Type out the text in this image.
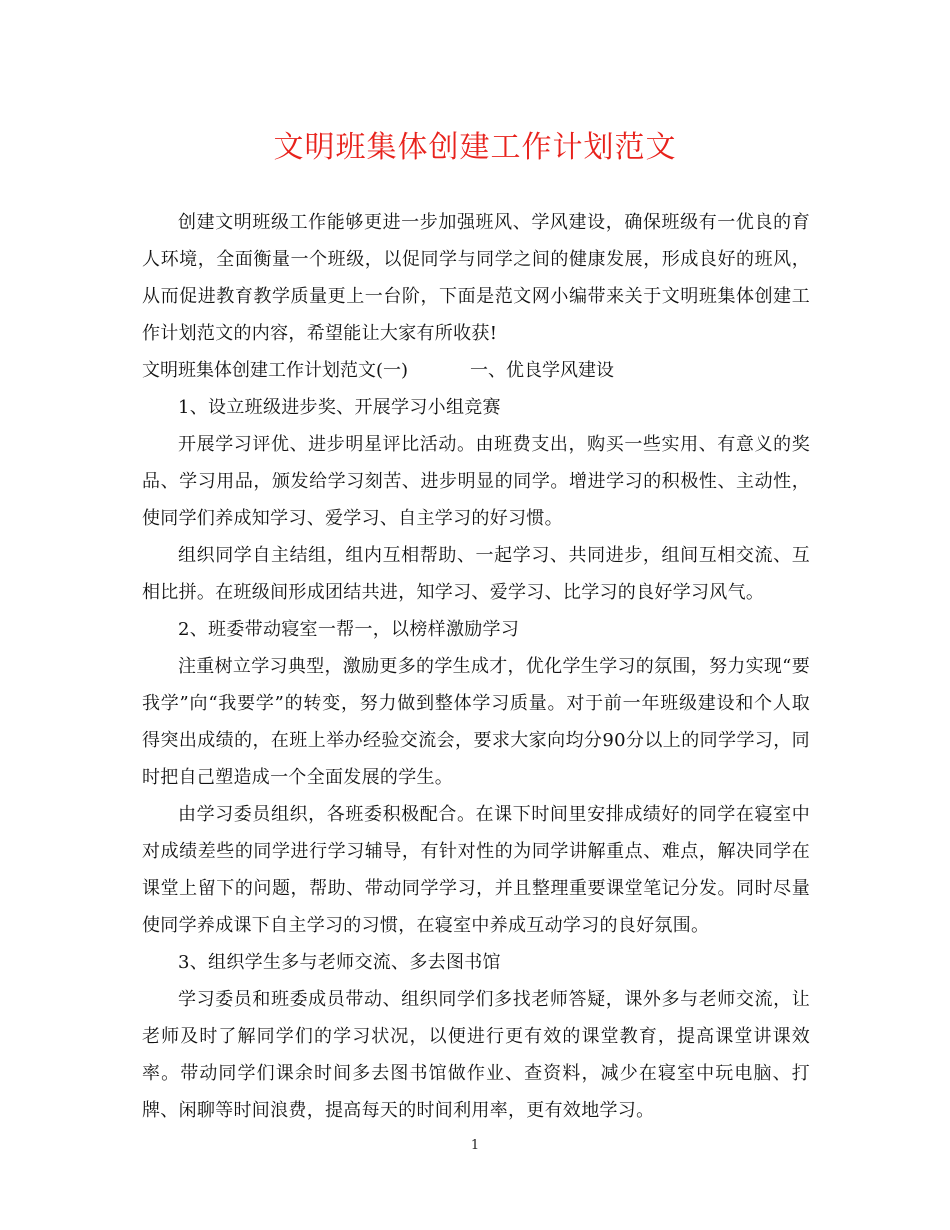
文明班集体创建工作计划范文

创建文明班级工作能够更进一步加强班风、学风建设，确保班级有一优良的育人环境，全面衡量一个班级，以促同学与同学之间的健康发展，形成良好的班风，从而促进教育教学质量更上一台阶，下面是范文网小编带来关于文明班集体创建工作计划范文的内容，希望能让大家有所收获!

文明班集体创建工作计划范文(一)	一、优良学风建设

1、设立班级进步奖、开展学习小组竞赛

开展学习评优、进步明星评比活动。由班费支出，购买一些实用、有意义的奖品、学习用品，颁发给学习刻苦、进步明显的同学。增进学习的积极性、主动性，使同学们养成知学习、爱学习、自主学习的好习惯。

组织同学自主结组，组内互相帮助、一起学习、共同进步，组间互相交流、互相比拼。在班级间形成团结共进，知学习、爱学习、比学习的良好学习风气。

2、班委带动寝室一帮一，以榜样激励学习

注重树立学习典型，激励更多的学生成才，优化学生学习的氛围，努力实现“要我学”向“我要学”的转变，努力做到整体学习质量。对于前一年班级建设和个人取得突出成绩的，在班上举办经验交流会，要求大家向均分90分以上的同学学习，同时把自己塑造成一个全面发展的学生。

由学习委员组织，各班委积极配合。在课下时间里安排成绩好的同学在寝室中对成绩差些的同学进行学习辅导，有针对性的为同学讲解重点、难点，解决同学在课堂上留下的问题，帮助、带动同学学习，并且整理重要课堂笔记分发。同时尽量使同学养成课下自主学习的习惯，在寝室中养成互动学习的良好氛围。

3、组织学生多与老师交流、多去图书馆

学习委员和班委成员带动、组织同学们多找老师答疑，课外多与老师交流，让老师及时了解同学们的学习状况，以便进行更有效的课堂教育，提高课堂讲课效率。带动同学们课余时间多去图书馆做作业、查资料，减少在寝室中玩电脑、打牌、闲聊等时间浪费，提高每天的时间利用率，更有效地学习。

1
